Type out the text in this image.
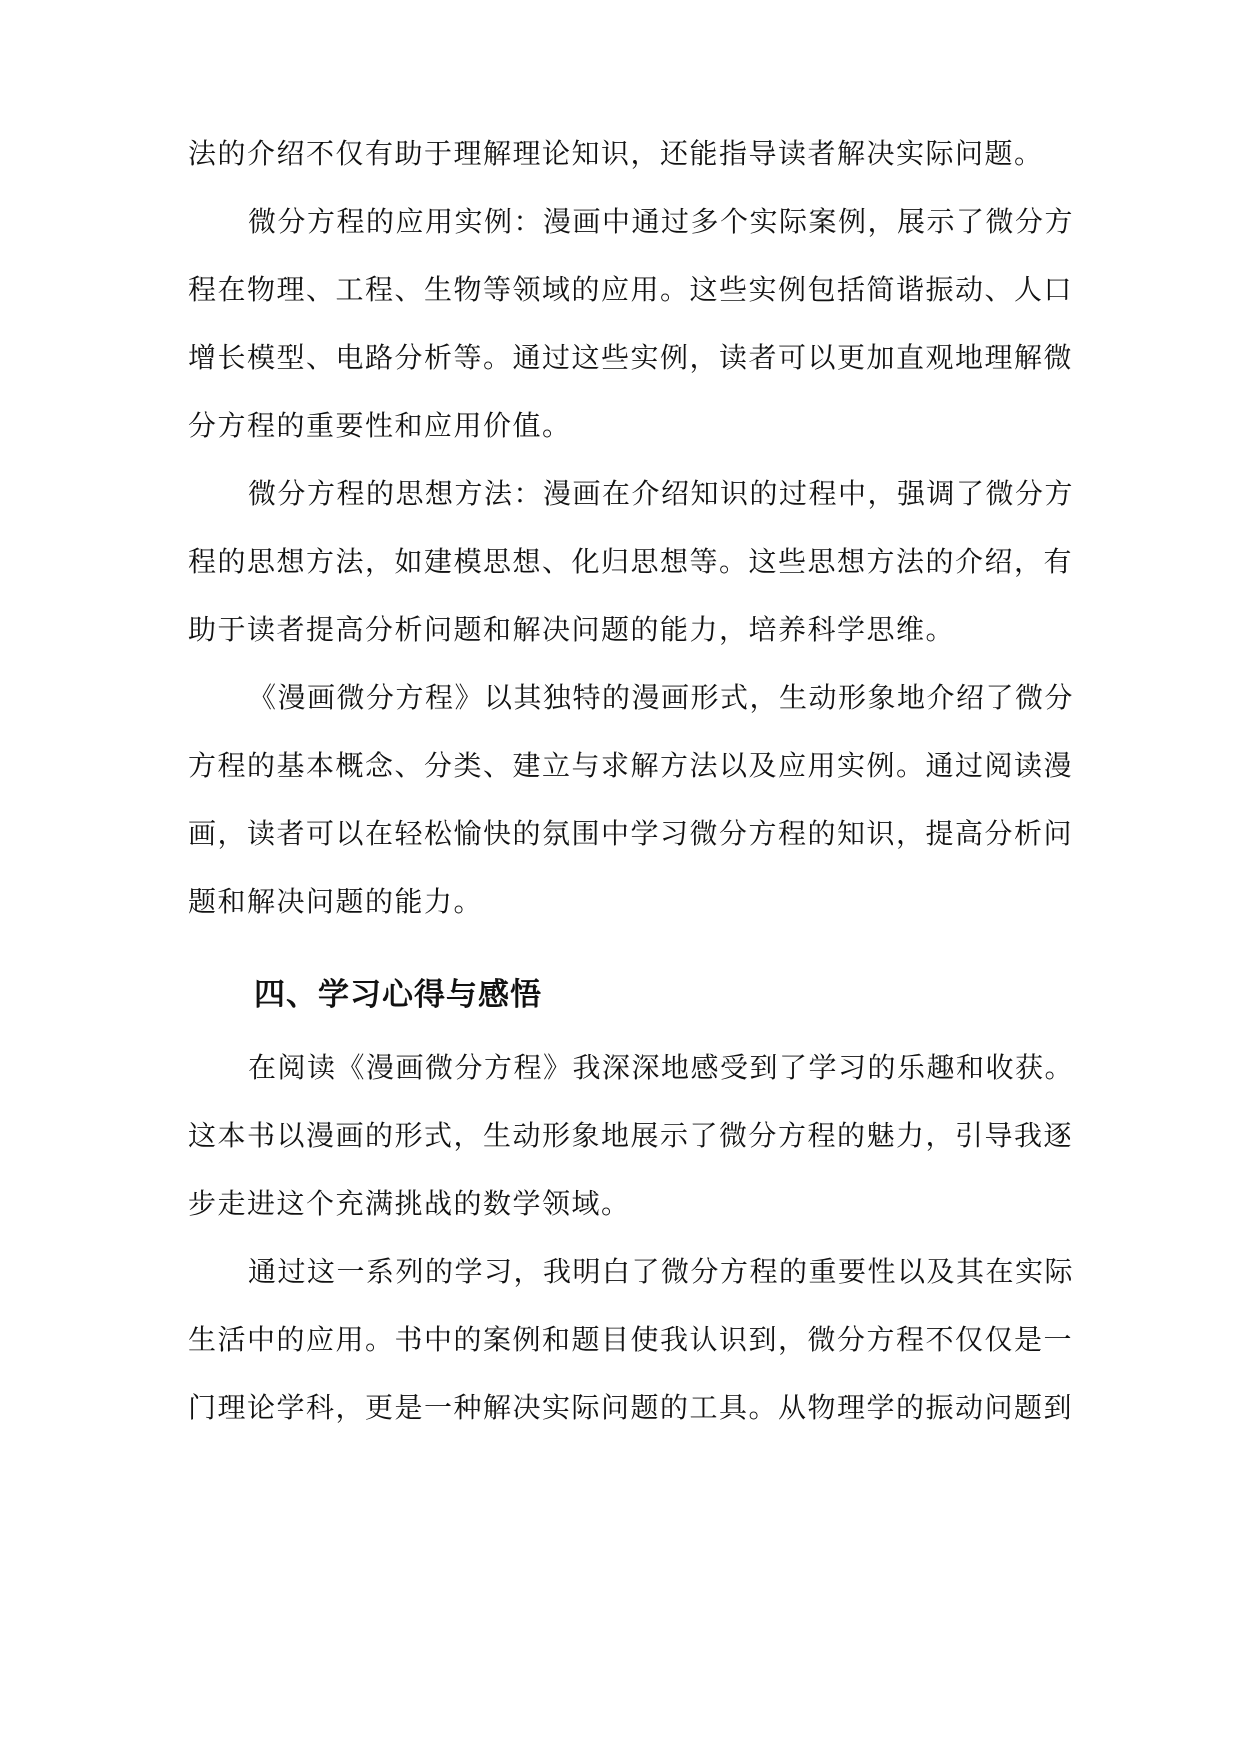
法的介绍不仅有助于理解理论知识，还能指导读者解决实际问题。
微分方程的应用实例：漫画中通过多个实际案例，展示了微分方
程在物理、工程、生物等领域的应用。这些实例包括简谐振动、人口
增长模型、电路分析等。通过这些实例，读者可以更加直观地理解微
分方程的重要性和应用价值。
微分方程的思想方法：漫画在介绍知识的过程中，强调了微分方
程的思想方法，如建模思想、化归思想等。这些思想方法的介绍，有
助于读者提高分析问题和解决问题的能力，培养科学思维。
《漫画微分方程》以其独特的漫画形式，生动形象地介绍了微分
方程的基本概念、分类、建立与求解方法以及应用实例。通过阅读漫
画，读者可以在轻松愉快的氛围中学习微分方程的知识，提高分析问
题和解决问题的能力。
四、学习心得与感悟
在阅读《漫画微分方程》我深深地感受到了学习的乐趣和收获。
这本书以漫画的形式，生动形象地展示了微分方程的魅力，引导我逐
步走进这个充满挑战的数学领域。
通过这一系列的学习，我明白了微分方程的重要性以及其在实际
生活中的应用。书中的案例和题目使我认识到，微分方程不仅仅是一
门理论学科，更是一种解决实际问题的工具。从物理学的振动问题到
